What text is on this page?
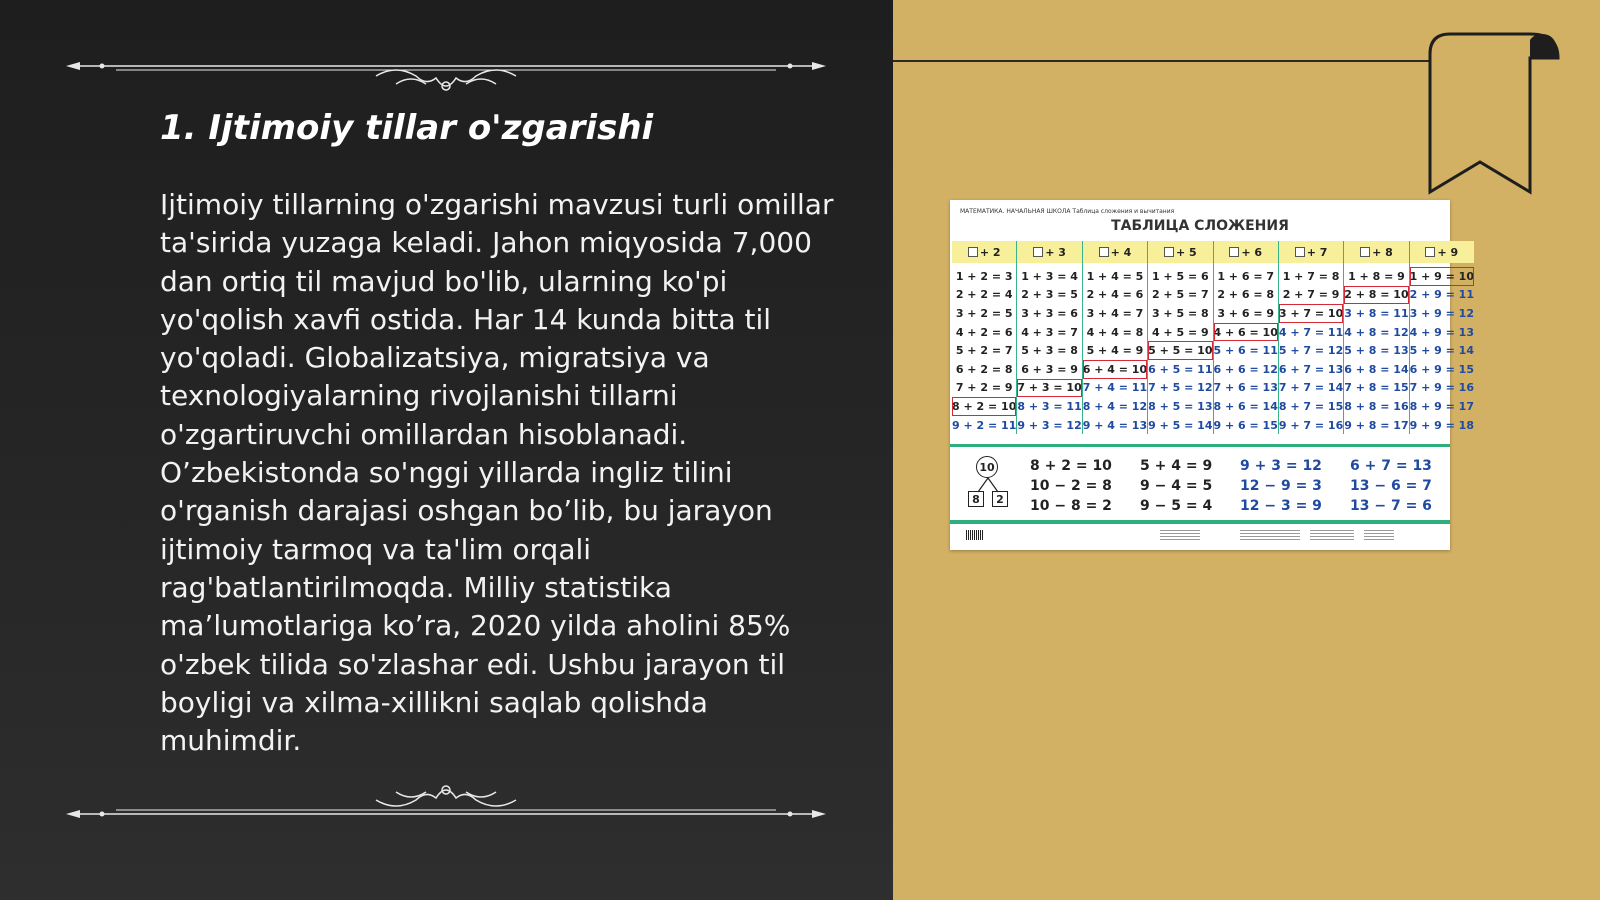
1. Ijtimoiy tillar o'zgarishi

Ijtimoiy tillarning o'zgarishi mavzusi turli omillar ta'sirida yuzaga keladi. Jahon miqyosida 7,000 dan ortiq til mavjud bo'lib, ularning ko'pi yo'qolish xavfi ostida. Har 14 kunda bitta til yo'qoladi. Globalizatsiya, migratsiya va texnologiyalarning rivojlanishi tillarni o'zgartiruvchi omillardan hisoblanadi. O’zbekistonda so'nggi yillarda ingliz tilini o'rganish darajasi oshgan bo’lib, bu jarayon ijtimoiy tarmoq va ta'lim orqali rag'batlantirilmoqda. Milliy statistika ma’lumotlariga ko’ra, 2020 yilda aholini 85% o'zbek tilida so'zlashar edi. Ushbu jarayon til boyligi va xilma-xillikni saqlab qolishda muhimdir.

МАТЕМАТИКА. НАЧАЛЬНАЯ ШКОЛА Таблица сложения и вычитания
ТАБЛИЦА СЛОЖЕНИЯ
+ 2
1 + 2 = 3
2 + 2 = 4
3 + 2 = 5
4 + 2 = 6
5 + 2 = 7
6 + 2 = 8
7 + 2 = 9
8 + 2 = 10
9 + 2 = 11
+ 3
1 + 3 = 4
2 + 3 = 5
3 + 3 = 6
4 + 3 = 7
5 + 3 = 8
6 + 3 = 9
7 + 3 = 10
8 + 3 = 11
9 + 3 = 12
+ 4
1 + 4 = 5
2 + 4 = 6
3 + 4 = 7
4 + 4 = 8
5 + 4 = 9
6 + 4 = 10
7 + 4 = 11
8 + 4 = 12
9 + 4 = 13
+ 5
1 + 5 = 6
2 + 5 = 7
3 + 5 = 8
4 + 5 = 9
5 + 5 = 10
6 + 5 = 11
7 + 5 = 12
8 + 5 = 13
9 + 5 = 14
+ 6
1 + 6 = 7
2 + 6 = 8
3 + 6 = 9
4 + 6 = 10
5 + 6 = 11
6 + 6 = 12
7 + 6 = 13
8 + 6 = 14
9 + 6 = 15
+ 7
1 + 7 = 8
2 + 7 = 9
3 + 7 = 10
4 + 7 = 11
5 + 7 = 12
6 + 7 = 13
7 + 7 = 14
8 + 7 = 15
9 + 7 = 16
+ 8
1 + 8 = 9
2 + 8 = 10
3 + 8 = 11
4 + 8 = 12
5 + 8 = 13
6 + 8 = 14
7 + 8 = 15
8 + 8 = 16
9 + 8 = 17
+ 9
1 + 9 = 10
2 + 9 = 11
3 + 9 = 12
4 + 9 = 13
5 + 9 = 14
6 + 9 = 15
7 + 9 = 16
8 + 9 = 17
9 + 9 = 18
10
8	2
8 + 2 = 10
10 − 2 = 8
10 − 8 = 2
5 + 4 = 9
9 − 4 = 5
9 − 5 = 4
9 + 3 = 12
12 − 9 = 3
12 − 3 = 9
6 + 7 = 13
13 − 6 = 7
13 − 7 = 6
